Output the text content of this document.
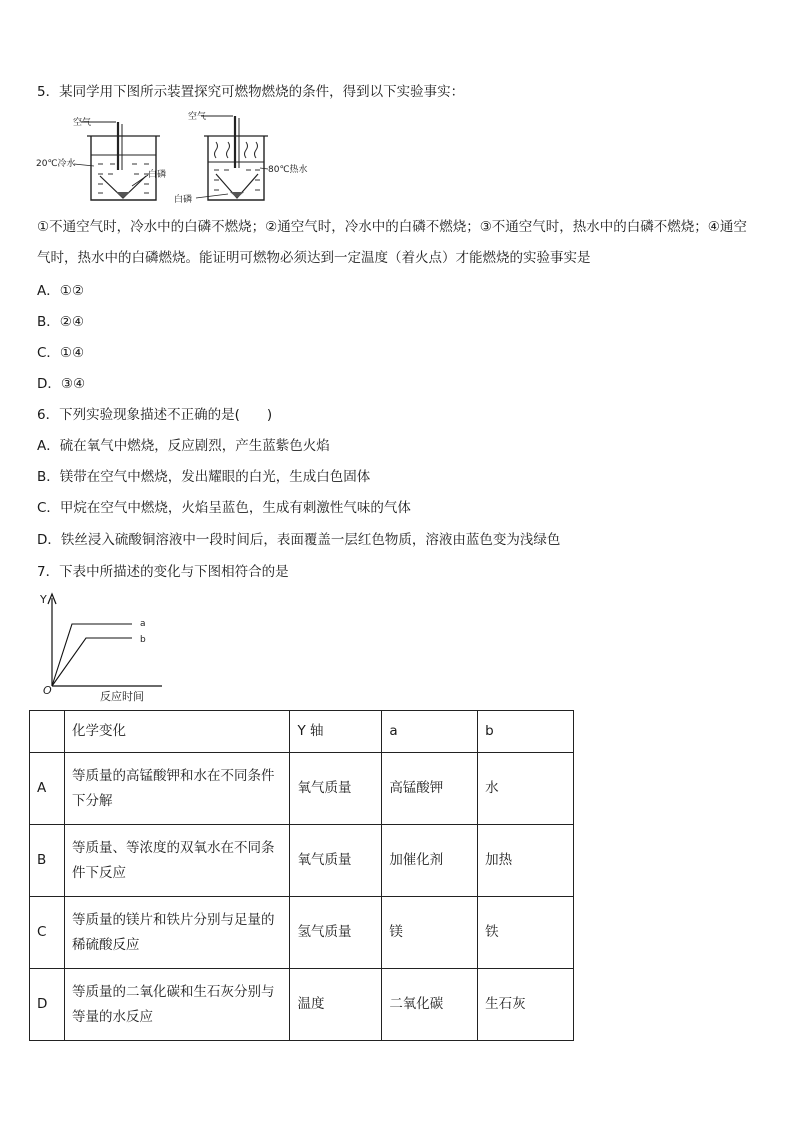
5．某同学用下图所示装置探究可燃物燃烧的条件，得到以下实验事实：
空气
20℃冷水
白磷
空气
80℃热水
白磷
①不通空气时，冷水中的白磷不燃烧；②通空气时，冷水中的白磷不燃烧；③不通空气时，热水中的白磷不燃烧；④通空气时，热水中的白磷燃烧。能证明可燃物必须达到一定温度（着火点）才能燃烧的实验事实是
A．①②
B．②④
C．①④
D．③④
6．下列实验现象描述不正确的是(　　)
A．硫在氧气中燃烧，反应剧烈，产生蓝紫色火焰
B．镁带在空气中燃烧，发出耀眼的白光，生成白色固体
C．甲烷在空气中燃烧，火焰呈蓝色，生成有刺激性气味的气体
D．铁丝浸入硫酸铜溶液中一段时间后，表面覆盖一层红色物质，溶液由蓝色变为浅绿色
7．下表中所描述的变化与下图相符合的是
Y
O	反应时间
a
b
	化学变化	Y 轴	a	b
A	等质量的高锰酸钾和水在不同条件下分解	氧气质量	高锰酸钾	水
B	等质量、等浓度的双氧水在不同条件下反应	氧气质量	加催化剂	加热
C	等质量的镁片和铁片分别与足量的稀硫酸反应	氢气质量	镁	铁
D	等质量的二氧化碳和生石灰分别与等量的水反应	温度	二氧化碳	生石灰
